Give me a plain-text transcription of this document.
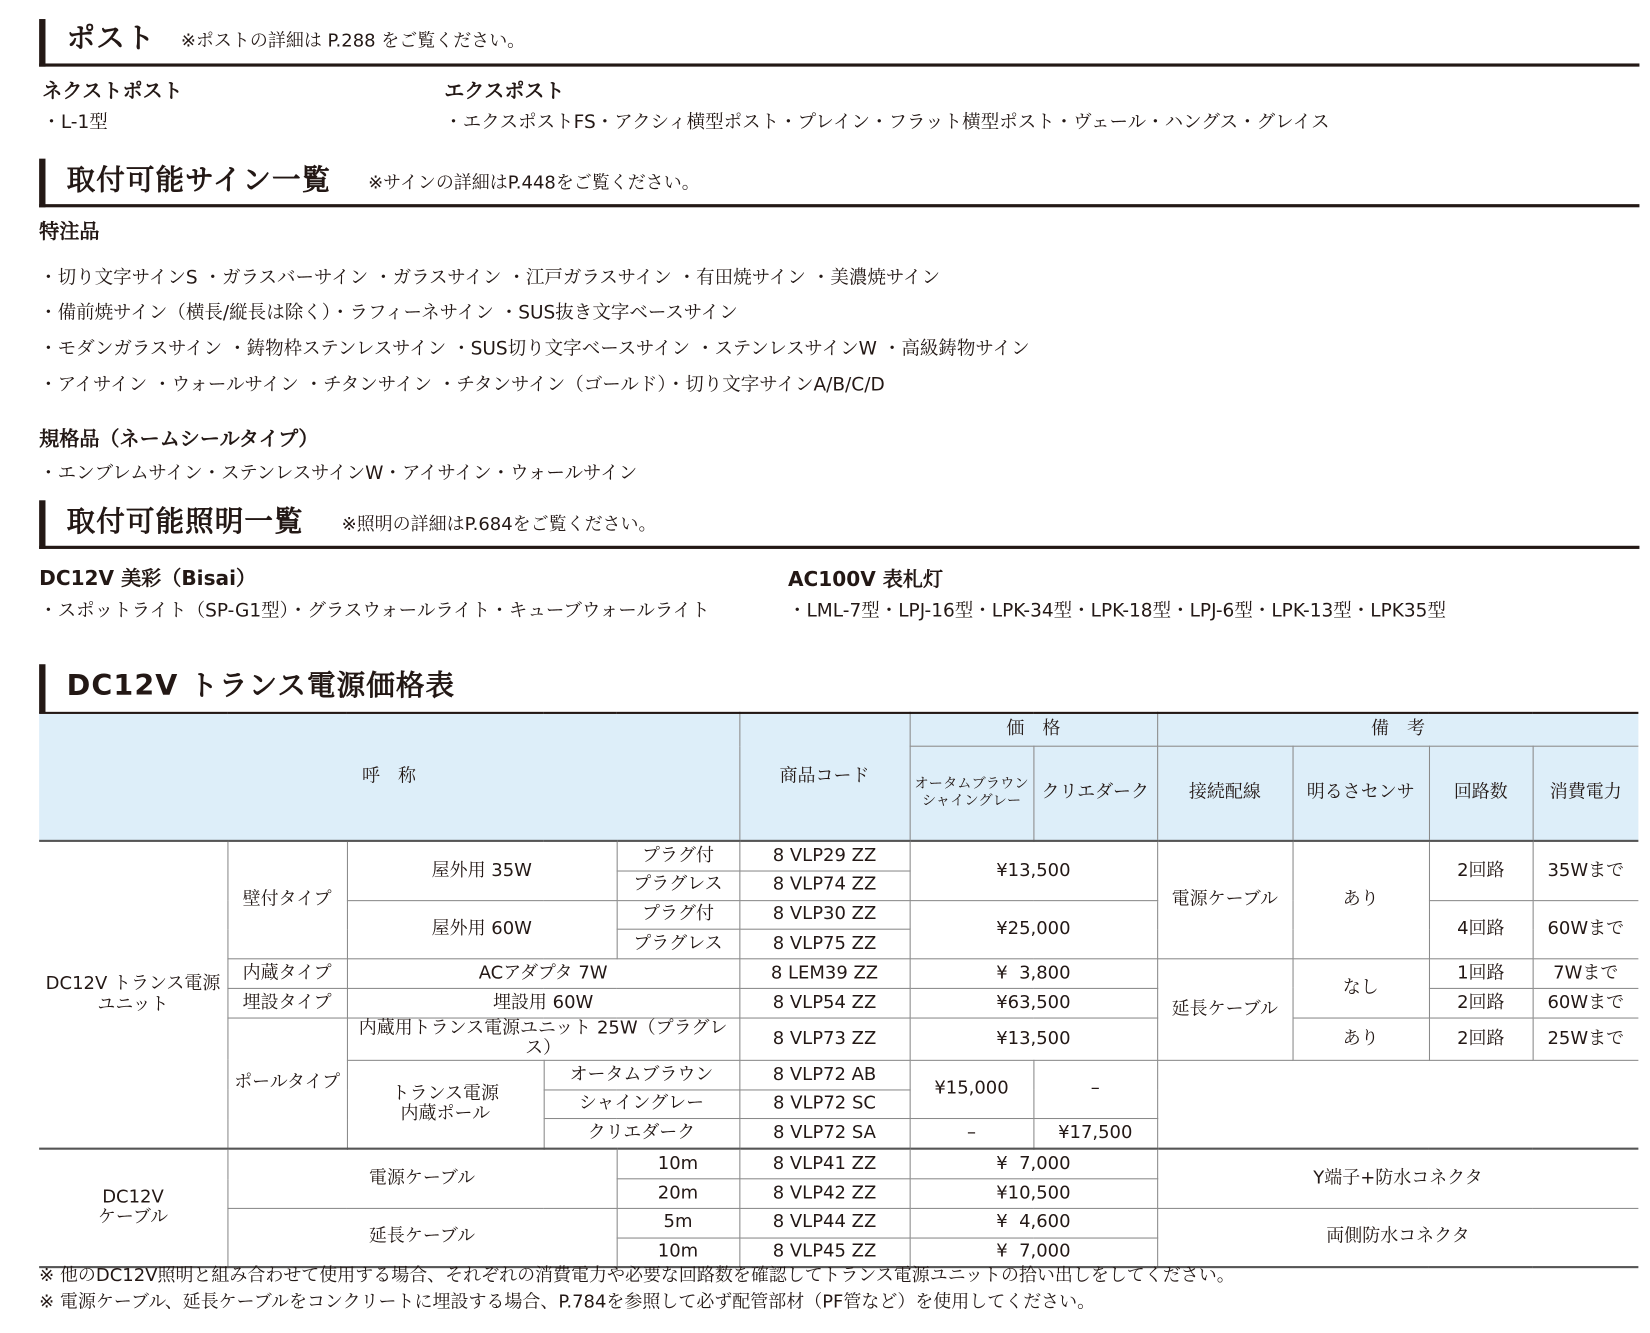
ポスト ※ポストの詳細は P.288 をご覧ください。
ネクストポスト
・L-1型
エクスポスト
・エクスポストFS・アクシィ横型ポスト・プレイン・フラット横型ポスト・ヴェール・ハングス・グレイス
取付可能サイン一覧 ※サインの詳細はP.448をご覧ください。
特注品
・切り文字サインS ・ガラスバーサイン ・ガラスサイン ・江戸ガラスサイン ・有田焼サイン ・美濃焼サイン
・備前焼サイン（横長/縦長は除く）・ラフィーネサイン ・SUS抜き文字ベースサイン
・モダンガラスサイン ・鋳物枠ステンレスサイン ・SUS切り文字ベースサイン ・ステンレスサインW ・高級鋳物サイン
・アイサイン ・ウォールサイン ・チタンサイン ・チタンサイン（ゴールド）・切り文字サインA/B/C/D
規格品（ネームシールタイプ）
・エンブレムサイン・ステンレスサインW・アイサイン・ウォールサイン
取付可能照明一覧 ※照明の詳細はP.684をご覧ください。
DC12V 美彩（Bisai）
・スポットライト（SP-G1型）・グラスウォールライト・キューブウォールライト
AC100V 表札灯
・LML-7型・LPJ-16型・LPK-34型・LPK-18型・LPJ-6型・LPK-13型・LPK35型
DC12V トランス電源価格表
呼　称					商品コード	価　格		備　考			
						オータムブラウン
シャイングレー	クリエダーク	接続配線	明るさセンサ	回路数	消費電力
DC12V トランス電源ユニット	壁付タイプ	屋外用 35W		プラグ付	8 VLP29 ZZ	¥13,500		電源ケーブル	あり	2回路	35Wまで
				プラグレス	8 VLP74 ZZ						
		屋外用 60W		プラグ付	8 VLP30 ZZ	¥25,000				4回路	60Wまで
				プラグレス	8 VLP75 ZZ						
	内蔵タイプ	ACアダプタ 7W			8 LEM39 ZZ	¥  3,800		延長ケーブル	なし	1回路	7Wまで
	埋設タイプ	埋設用 60W			8 VLP54 ZZ	¥63,500				2回路	60Wまで
	ポールタイプ	内蔵用トランス電源ユニット 25W（プラグレス）			8 VLP73 ZZ	¥13,500			あり	2回路	25Wまで
		トランス電源 内蔵ポール	オータムブラウン		8 VLP72 AB	¥15,000	–				
			シャイングレー		8 VLP72 SC						
			クリエダーク		8 VLP72 SA	–	¥17,500				
DC12V ケーブル	電源ケーブル			10m	8 VLP41 ZZ	¥  7,000		Y端子+防水コネクタ			
				20m	8 VLP42 ZZ	¥10,500					
	延長ケーブル			5m	8 VLP44 ZZ	¥  4,600		両側防水コネクタ			
				10m	8 VLP45 ZZ	¥  7,000					
※ 他のDC12V照明と組み合わせて使用する場合、それぞれの消費電力や必要な回路数を確認してトランス電源ユニットの拾い出しをしてください。
※ 電源ケーブル、延長ケーブルをコンクリートに埋設する場合、P.784を参照して必ず配管部材（PF管など）を使用してください。
